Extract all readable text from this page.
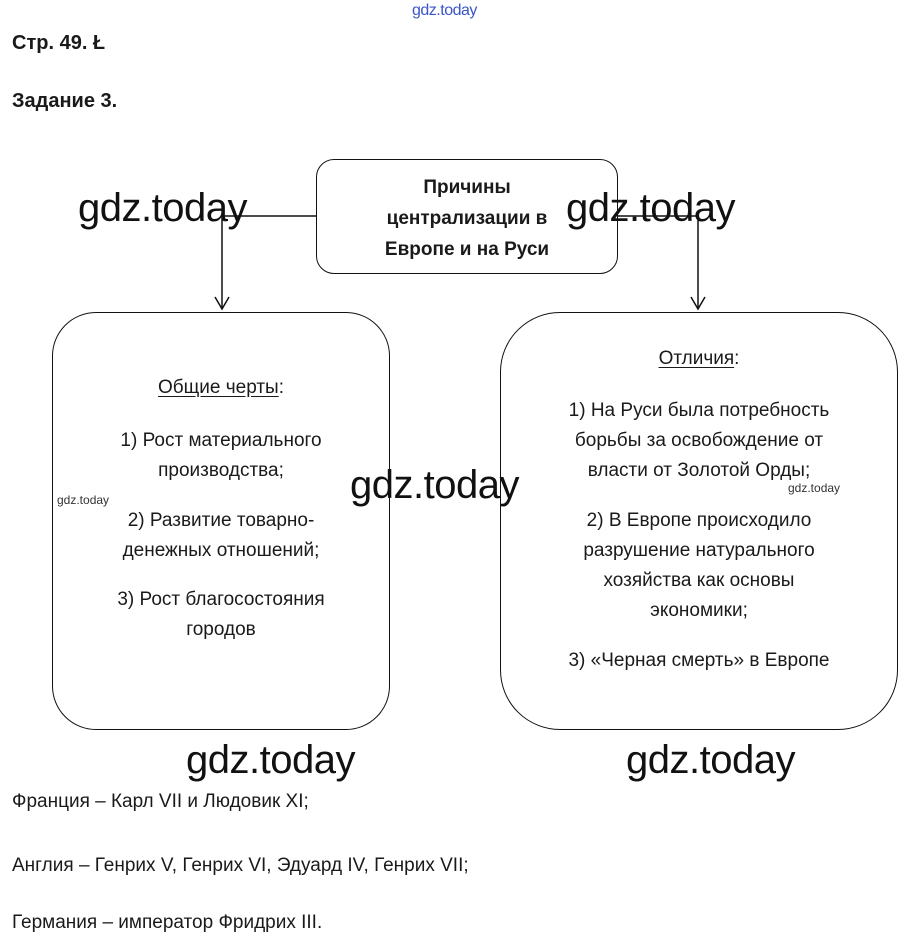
Стр. 49. Ł
Задание 3.
Причины
централизации в
Европе и на Руси
Общие черты:
1) Рост материального
производства;
2) Развитие товарно-
денежных отношений;
3) Рост благосостояния
городов
Отличия:
1) На Руси была потребность
борьбы за освобождение от
власти от Золотой Орды;
2) В Европе происходило
разрушение натурального
хозяйства как основы
экономики;
3) «Черная смерть» в Европе
gdz.today
gdz.today	gdz.today
gdz.today
gdz.today
gdz.today
gdz.today	gdz.today
Франция – Карл VII и Людовик XI;
Англия – Генрих V, Генрих VI, Эдуард IV, Генрих VII;
Германия – император Фридрих III.
